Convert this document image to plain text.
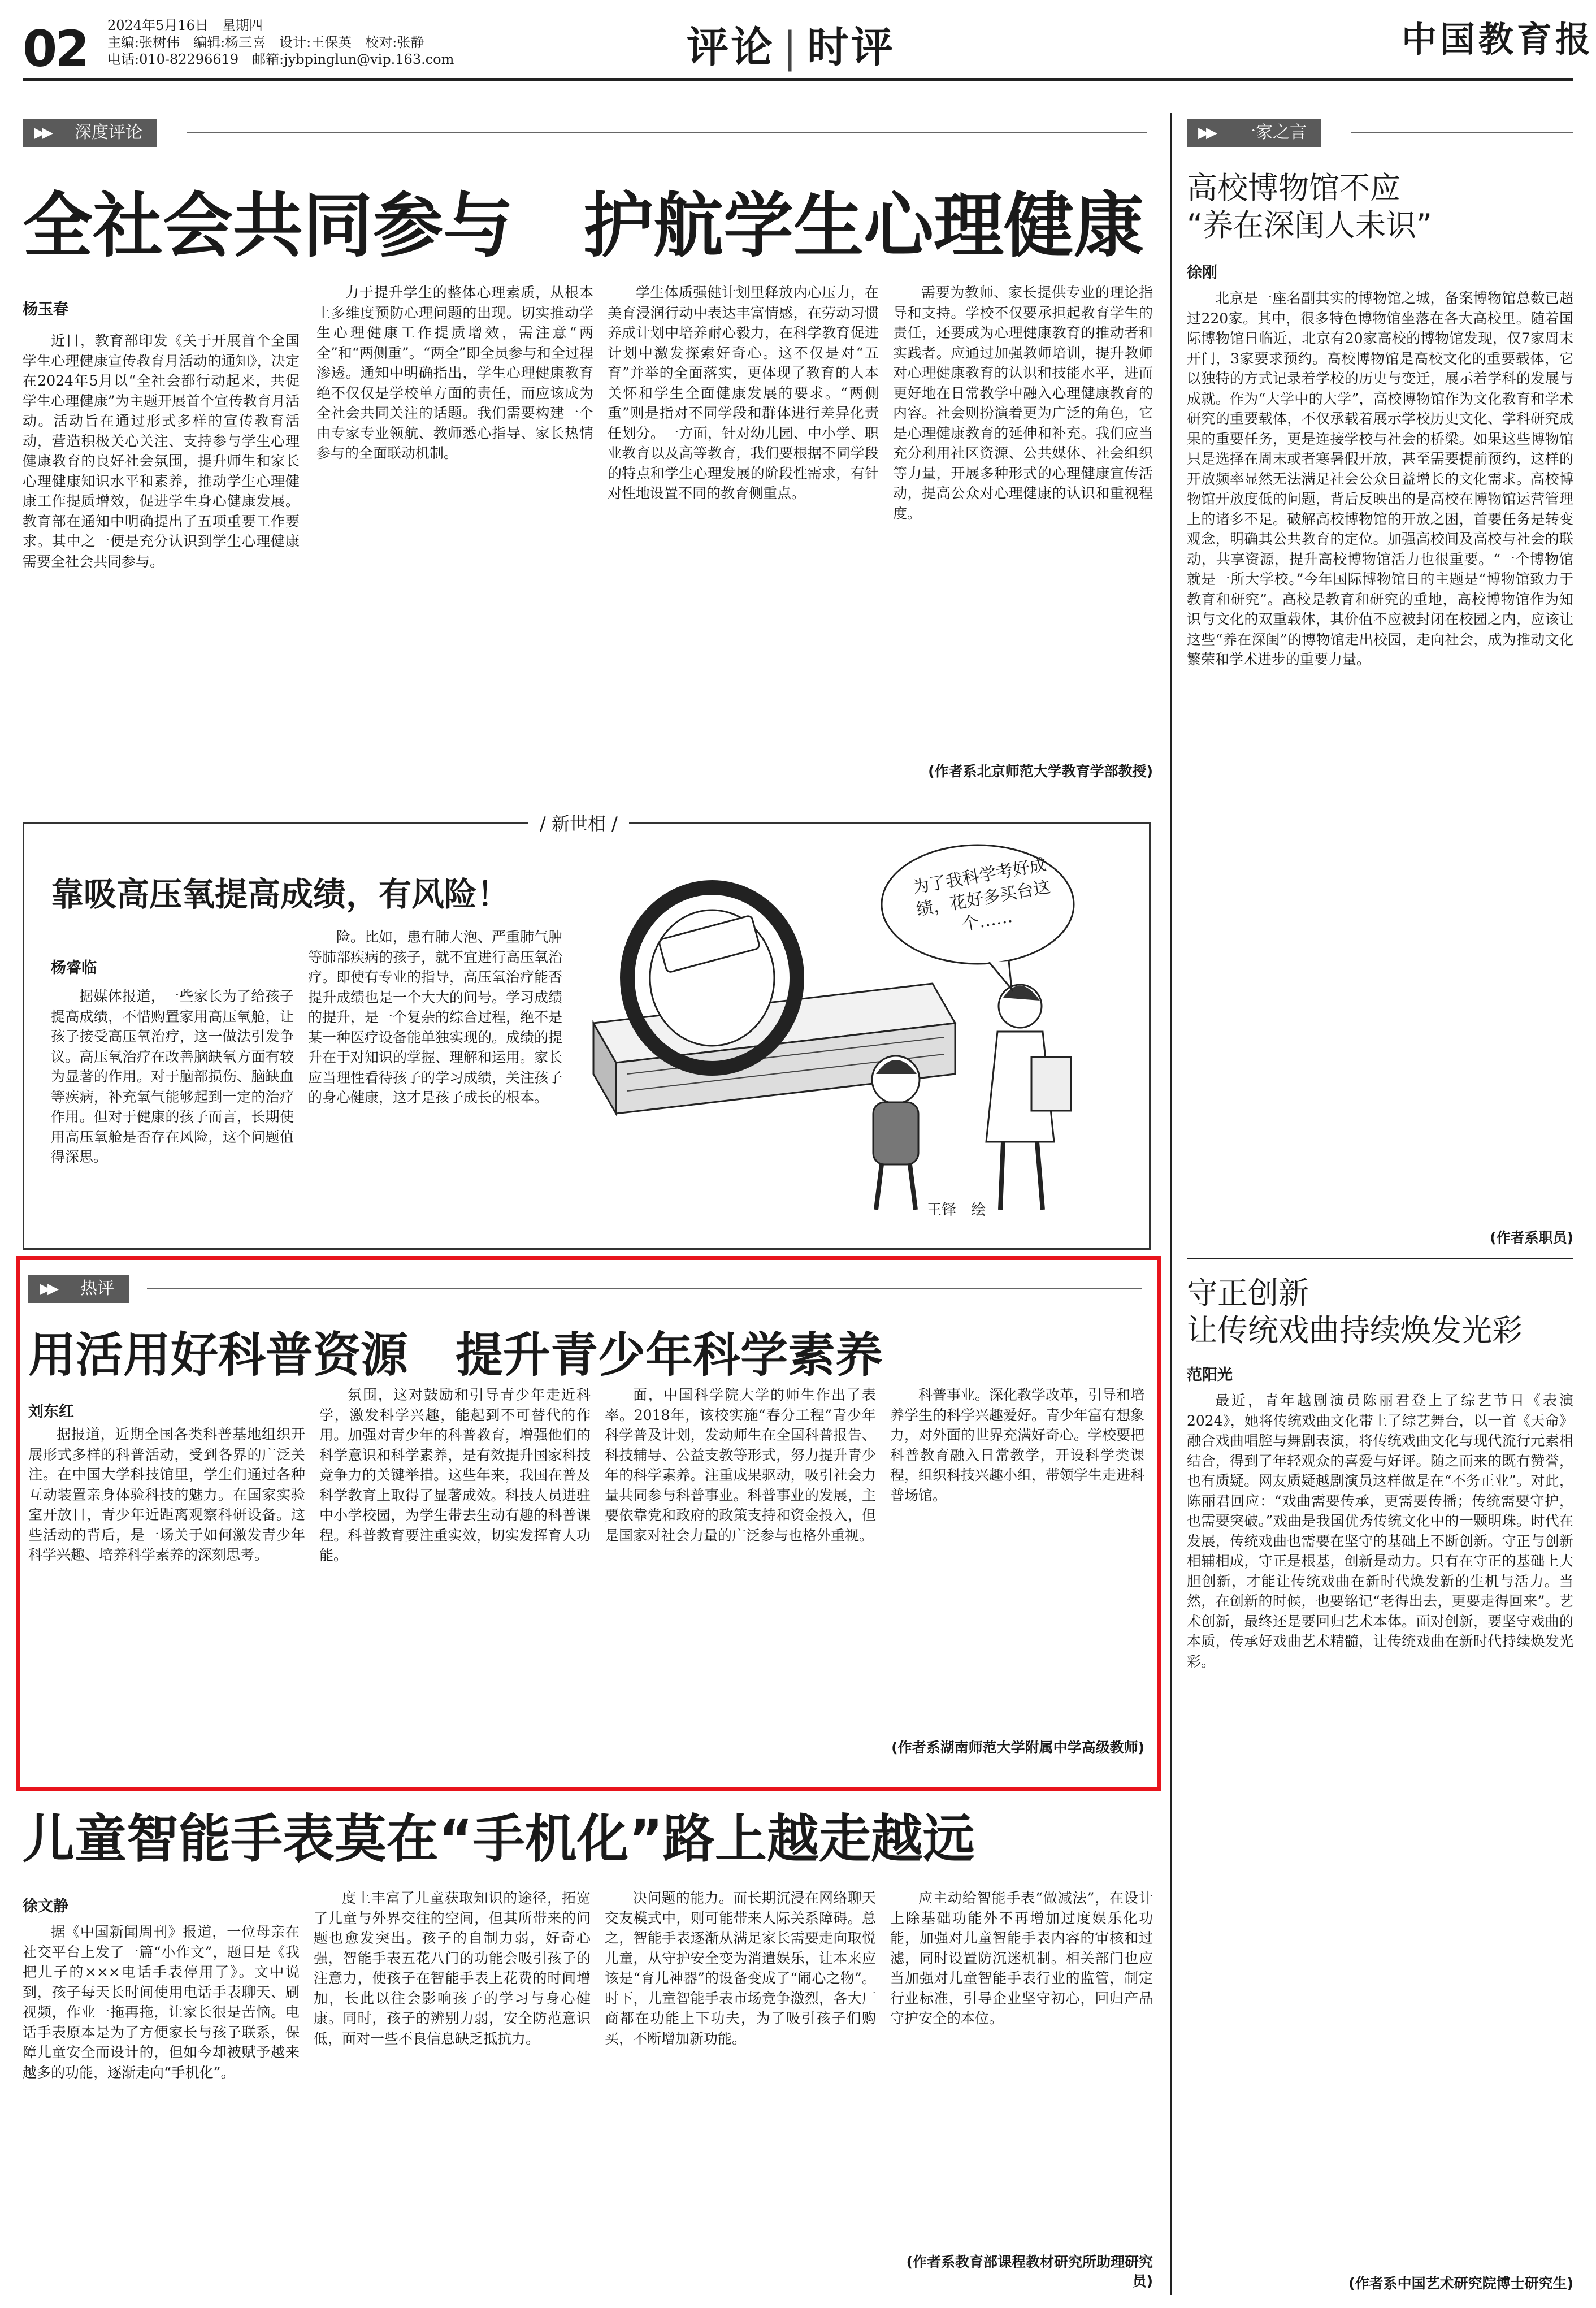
02 2024年5月16日　星期四
主编:张树伟　编辑:杨三喜　设计:王保英　校对:张静
电话:010-82296619　邮箱:jybpinglun@vip.163.com	评论 | 时评	中国教育报
▶▶ 深度评论
全社会共同参与　护航学生心理健康
杨玉春

近日，教育部印发《关于开展首个全国学生心理健康宣传教育月活动的通知》，决定在2024年5月以“全社会都行动起来，共促学生心理健康”为主题开展首个宣传教育月活动。活动旨在通过形式多样的宣传教育活动，营造积极关心关注、支持参与学生心理健康教育的良好社会氛围，提升师生和家长心理健康知识水平和素养，推动学生心理健康工作提质增效，促进学生身心健康发展。教育部在通知中明确提出了五项重要工作要求。其中之一便是充分认识到学生心理健康需要全社会共同参与。

力于提升学生的整体心理素质，从根本上多维度预防心理问题的出现。切实推动学生心理健康工作提质增效，需注意“两全”和“两侧重”。“两全”即全员参与和全过程渗透。通知中明确指出，学生心理健康教育绝不仅仅是学校单方面的责任，而应该成为全社会共同关注的话题。我们需要构建一个由专家专业领航、教师悉心指导、家长热情参与的全面联动机制。

学生体质强健计划里释放内心压力，在美育浸润行动中表达丰富情感，在劳动习惯养成计划中培养耐心毅力，在科学教育促进计划中激发探索好奇心。这不仅是对“五育”并举的全面落实，更体现了教育的人本关怀和学生全面健康发展的要求。“两侧重”则是指对不同学段和群体进行差异化责任划分。一方面，针对幼儿园、中小学、职业教育以及高等教育，我们要根据不同学段的特点和学生心理发展的阶段性需求，有针对性地设置不同的教育侧重点。

需要为教师、家长提供专业的理论指导和支持。学校不仅要承担起教育学生的责任，还要成为心理健康教育的推动者和实践者。应通过加强教师培训，提升教师对心理健康教育的认识和技能水平，进而更好地在日常教学中融入心理健康教育的内容。社会则扮演着更为广泛的角色，它是心理健康教育的延伸和补充。我们应当充分利用社区资源、公共媒体、社会组织等力量，开展多种形式的心理健康宣传活动，提高公众对心理健康的认识和重视程度。

(作者系北京师范大学教育学部教授)
▶▶ 一家之言
高校博物馆不应
“养在深闺人未识”
徐刚

北京是一座名副其实的博物馆之城，备案博物馆总数已超过220家。其中，很多特色博物馆坐落在各大高校里。随着国际博物馆日临近，北京有20家高校的博物馆发现，仅7家周末开门，3家要求预约。高校博物馆是高校文化的重要载体，它以独特的方式记录着学校的历史与变迁，展示着学科的发展与成就。作为“大学中的大学”，高校博物馆作为文化教育和学术研究的重要载体，不仅承载着展示学校历史文化、学科研究成果的重要任务，更是连接学校与社会的桥梁。如果这些博物馆只是选择在周末或者寒暑假开放，甚至需要提前预约，这样的开放频率显然无法满足社会公众日益增长的文化需求。高校博物馆开放度低的问题，背后反映出的是高校在博物馆运营管理上的诸多不足。破解高校博物馆的开放之困，首要任务是转变观念，明确其公共教育的定位。加强高校间及高校与社会的联动，共享资源，提升高校博物馆活力也很重要。“一个博物馆就是一所大学校。”今年国际博物馆日的主题是“博物馆致力于教育和研究”。高校是教育和研究的重地，高校博物馆作为知识与文化的双重载体，其价值不应被封闭在校园之内，应该让这些“养在深闺”的博物馆走出校园，走向社会，成为推动文化繁荣和学术进步的重要力量。

(作者系职员)
/ 新世相 /
靠吸高压氧提高成绩，有风险！
杨睿临

据媒体报道，一些家长为了给孩子提高成绩，不惜购置家用高压氧舱，让孩子接受高压氧治疗，这一做法引发争议。高压氧治疗在改善脑缺氧方面有较为显著的作用。对于脑部损伤、脑缺血等疾病，补充氧气能够起到一定的治疗作用。但对于健康的孩子而言，长期使用高压氧舱是否存在风险，这个问题值得深思。

险。比如，患有肺大泡、严重肺气肿等肺部疾病的孩子，就不宜进行高压氧治疗。即使有专业的指导，高压氧治疗能否提升成绩也是一个大大的问号。学习成绩的提升，是一个复杂的综合过程，绝不是某一种医疗设备能单独实现的。成绩的提升在于对知识的掌握、理解和运用。家长应当理性看待孩子的学习成绩，关注孩子的身心健康，这才是孩子成长的根本。

为了我科学考好成绩，花好多买台这个……
王铎　绘
▶▶ 热评
用活用好科普资源　提升青少年科学素养
刘东红

据报道，近期全国各类科普基地组织开展形式多样的科普活动，受到各界的广泛关注。在中国大学科技馆里，学生们通过各种互动装置亲身体验科技的魅力。在国家实验室开放日，青少年近距离观察科研设备。这些活动的背后，是一场关于如何激发青少年科学兴趣、培养科学素养的深刻思考。

氛围，这对鼓励和引导青少年走近科学，激发科学兴趣，能起到不可替代的作用。加强对青少年的科普教育，增强他们的科学意识和科学素养，是有效提升国家科技竞争力的关键举措。这些年来，我国在普及科学教育上取得了显著成效。科技人员进驻中小学校园，为学生带去生动有趣的科普课程。科普教育要注重实效，切实发挥育人功能。

面，中国科学院大学的师生作出了表率。2018年，该校实施“春分工程”青少年科学普及计划，发动师生在全国科普报告、科技辅导、公益支教等形式，努力提升青少年的科学素养。注重成果驱动，吸引社会力量共同参与科普事业。科普事业的发展，主要依靠党和政府的政策支持和资金投入，但是国家对社会力量的广泛参与也格外重视。

科普事业。深化教学改革，引导和培养学生的科学兴趣爱好。青少年富有想象力，对外面的世界充满好奇心。学校要把科普教育融入日常教学，开设科学类课程，组织科技兴趣小组，带领学生走进科普场馆。

(作者系湖南师范大学附属中学高级教师)
守正创新
让传统戏曲持续焕发光彩
范阳光

最近，青年越剧演员陈丽君登上了综艺节目《表演2024》，她将传统戏曲文化带上了综艺舞台，以一首《天命》融合戏曲唱腔与舞剧表演，将传统戏曲文化与现代流行元素相结合，得到了年轻观众的喜爱与好评。随之而来的既有赞誉，也有质疑。网友质疑越剧演员这样做是在“不务正业”。对此，陈丽君回应：“戏曲需要传承，更需要传播；传统需要守护，也需要突破。”戏曲是我国优秀传统文化中的一颗明珠。时代在发展，传统戏曲也需要在坚守的基础上不断创新。守正与创新相辅相成，守正是根基，创新是动力。只有在守正的基础上大胆创新，才能让传统戏曲在新时代焕发新的生机与活力。当然，在创新的时候，也要铭记“老得出去，更要走得回来”。艺术创新，最终还是要回归艺术本体。面对创新，要坚守戏曲的本质，传承好戏曲艺术精髓，让传统戏曲在新时代持续焕发光彩。

(作者系中国艺术研究院博士研究生)
儿童智能手表莫在“手机化”路上越走越远
徐文静

据《中国新闻周刊》报道，一位母亲在社交平台上发了一篇“小作文”，题目是《我把儿子的×××电话手表停用了》。文中说到，孩子每天长时间使用电话手表聊天、刷视频，作业一拖再拖，让家长很是苦恼。电话手表原本是为了方便家长与孩子联系，保障儿童安全而设计的，但如今却被赋予越来越多的功能，逐渐走向“手机化”。

度上丰富了儿童获取知识的途径，拓宽了儿童与外界交往的空间，但其所带来的问题也愈发突出。孩子的自制力弱，好奇心强，智能手表五花八门的功能会吸引孩子的注意力，使孩子在智能手表上花费的时间增加，长此以往会影响孩子的学习与身心健康。同时，孩子的辨别力弱，安全防范意识低，面对一些不良信息缺乏抵抗力。

决问题的能力。而长期沉浸在网络聊天交友模式中，则可能带来人际关系障碍。总之，智能手表逐渐从满足家长需要走向取悦儿童，从守护安全变为消遣娱乐，让本来应该是“育儿神器”的设备变成了“闹心之物”。时下，儿童智能手表市场竞争激烈，各大厂商都在功能上下功夫，为了吸引孩子们购买，不断增加新功能。

应主动给智能手表“做减法”，在设计上除基础功能外不再增加过度娱乐化功能，加强对儿童智能手表内容的审核和过滤，同时设置防沉迷机制。相关部门也应当加强对儿童智能手表行业的监管，制定行业标准，引导企业坚守初心，回归产品守护安全的本位。

(作者系教育部课程教材研究所助理研究员)
